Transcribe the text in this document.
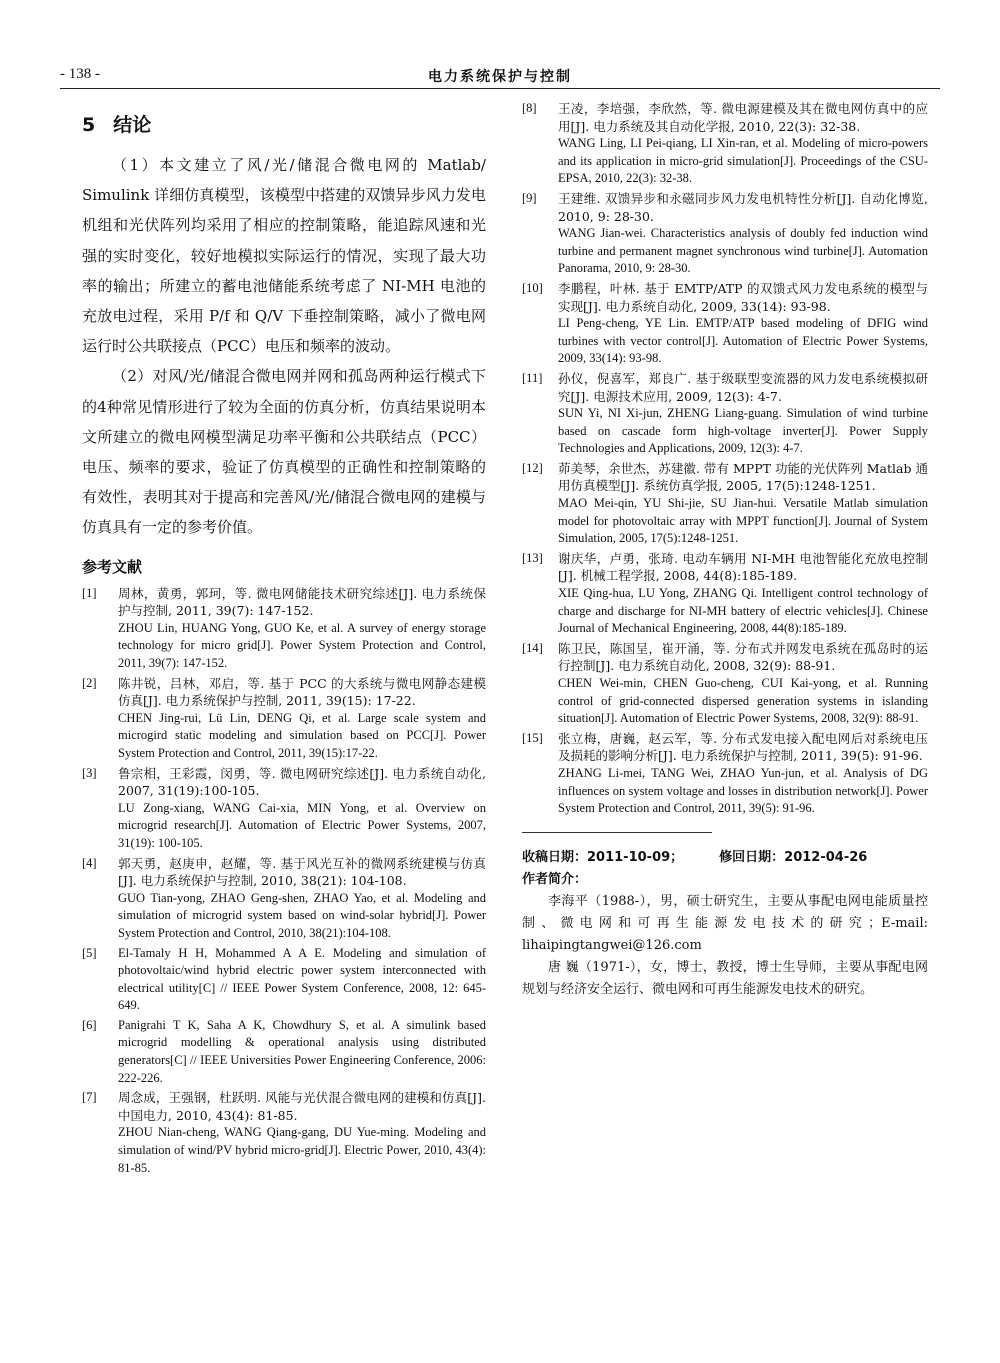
- 138 -	电力系统保护与控制
5 结论

（1）本文建立了风/光/储混合微电网的 Matlab/ Simulink 详细仿真模型，该模型中搭建的双馈异步风力发电机组和光伏阵列均采用了相应的控制策略，能追踪风速和光强的实时变化，较好地模拟实际运行的情况，实现了最大功率的输出；所建立的蓄电池储能系统考虑了 NI-MH 电池的充放电过程，采用 P/f 和 Q/V 下垂控制策略，减小了微电网运行时公共联接点（PCC）电压和频率的波动。

（2）对风/光/储混合微电网并网和孤岛两种运行模式下的4种常见情形进行了较为全面的仿真分析，仿真结果说明本文所建立的微电网模型满足功率平衡和公共联结点（PCC）电压、频率的要求，验证了仿真模型的正确性和控制策略的有效性，表明其对于提高和完善风/光/储混合微电网的建模与仿真具有一定的参考价值。

参考文献
[1] 周林，黄勇，郭珂，等. 微电网储能技术研究综述[J]. 电力系统保护与控制, 2011, 39(7): 147-152.
ZHOU Lin, HUANG Yong, GUO Ke, et al. A survey of energy storage technology for micro grid[J]. Power System Protection and Control, 2011, 39(7): 147-152.
[2] 陈井锐，吕林，邓启，等. 基于 PCC 的大系统与微电网静态建模仿真[J]. 电力系统保护与控制, 2011, 39(15): 17-22.
CHEN Jing-rui, Lü Lin, DENG Qi, et al. Large scale system and microgird static modeling and simulation based on PCC[J]. Power System Protection and Control, 2011, 39(15):17-22.
[3] 鲁宗相，王彩霞，闵勇，等. 微电网研究综述[J]. 电力系统自动化, 2007, 31(19):100-105.
LU Zong-xiang, WANG Cai-xia, MIN Yong, et al. Overview on microgrid research[J]. Automation of Electric Power Systems, 2007, 31(19): 100-105.
[4] 郭天勇，赵庚申，赵耀，等. 基于风光互补的微网系统建模与仿真[J]. 电力系统保护与控制, 2010, 38(21): 104-108.
GUO Tian-yong, ZHAO Geng-shen, ZHAO Yao, et al. Modeling and simulation of microgrid system based on wind-solar hybrid[J]. Power System Protection and Control, 2010, 38(21):104-108.
[5] El-Tamaly H H, Mohammed A A E. Modeling and simulation of photovoltaic/wind hybrid electric power system interconnected with electrical utility[C] // IEEE Power System Conference, 2008, 12: 645-649.
[6] Panigrahi T K, Saha A K, Chowdhury S, et al. A simulink based microgrid modelling & operational analysis using distributed generators[C] // IEEE Universities Power Engineering Conference, 2006: 222-226.
[7] 周念成，王强钢，杜跃明. 风能与光伏混合微电网的建模和仿真[J]. 中国电力, 2010, 43(4): 81-85.
ZHOU Nian-cheng, WANG Qiang-gang, DU Yue-ming. Modeling and simulation of wind/PV hybrid micro-grid[J]. Electric Power, 2010, 43(4): 81-85.
[8] 王凌，李培强，李欣然，等. 微电源建模及其在微电网仿真中的应用[J]. 电力系统及其自动化学报, 2010, 22(3): 32-38.
WANG Ling, LI Pei-qiang, LI Xin-ran, et al. Modeling of micro-powers and its application in micro-grid simulation[J]. Proceedings of the CSU-EPSA, 2010, 22(3): 32-38.
[9] 王建维. 双馈异步和永磁同步风力发电机特性分析[J]. 自动化博览, 2010, 9: 28-30.
WANG Jian-wei. Characteristics analysis of doubly fed induction wind turbine and permanent magnet synchronous wind turbine[J]. Automation Panorama, 2010, 9: 28-30.
[10] 李鹏程，叶林. 基于 EMTP/ATP 的双馈式风力发电系统的模型与实现[J]. 电力系统自动化, 2009, 33(14): 93-98.
LI Peng-cheng, YE Lin. EMTP/ATP based modeling of DFIG wind turbines with vector control[J]. Automation of Electric Power Systems, 2009, 33(14): 93-98.
[11] 孙仪，倪喜军，郑良广. 基于级联型变流器的风力发电系统模拟研究[J]. 电源技术应用, 2009, 12(3): 4-7.
SUN Yi, NI Xi-jun, ZHENG Liang-guang. Simulation of wind turbine based on cascade form high-voltage inverter[J]. Power Supply Technologies and Applications, 2009, 12(3): 4-7.
[12] 茆美琴，余世杰，苏建徽. 带有 MPPT 功能的光伏阵列 Matlab 通用仿真模型[J]. 系统仿真学报, 2005, 17(5):1248-1251.
MAO Mei-qin, YU Shi-jie, SU Jian-hui. Versatile Matlab simulation model for photovoltaic array with MPPT function[J]. Journal of System Simulation, 2005, 17(5):1248-1251.
[13] 谢庆华，卢勇，张琦. 电动车辆用 NI-MH 电池智能化充放电控制[J]. 机械工程学报, 2008, 44(8):185-189.
XIE Qing-hua, LU Yong, ZHANG Qi. Intelligent control technology of charge and discharge for NI-MH battery of electric vehicles[J]. Chinese Journal of Mechanical Engineering, 2008, 44(8):185-189.
[14] 陈卫民，陈国呈，崔开涌，等. 分布式并网发电系统在孤岛时的运行控制[J]. 电力系统自动化, 2008, 32(9): 88-91.
CHEN Wei-min, CHEN Guo-cheng, CUI Kai-yong, et al. Running control of grid-connected dispersed generation systems in islanding situation[J]. Automation of Electric Power Systems, 2008, 32(9): 88-91.
[15] 张立梅，唐巍，赵云军，等. 分布式发电接入配电网后对系统电压及损耗的影响分析[J]. 电力系统保护与控制, 2011, 39(5): 91-96.
ZHANG Li-mei, TANG Wei, ZHAO Yun-jun, et al. Analysis of DG influences on system voltage and losses in distribution network[J]. Power System Protection and Control, 2011, 39(5): 91-96.
收稿日期：2011-10-09；	修回日期：2012-04-26
作者简介：

李海平（1988-），男，硕士研究生，主要从事配电网电能质量控制、微电网和可再生能源发电技术的研究；E-mail: lihaipingtangwei@126.com

唐 巍（1971-），女，博士，教授，博士生导师，主要从事配电网规划与经济安全运行、微电网和可再生能源发电技术的研究。
